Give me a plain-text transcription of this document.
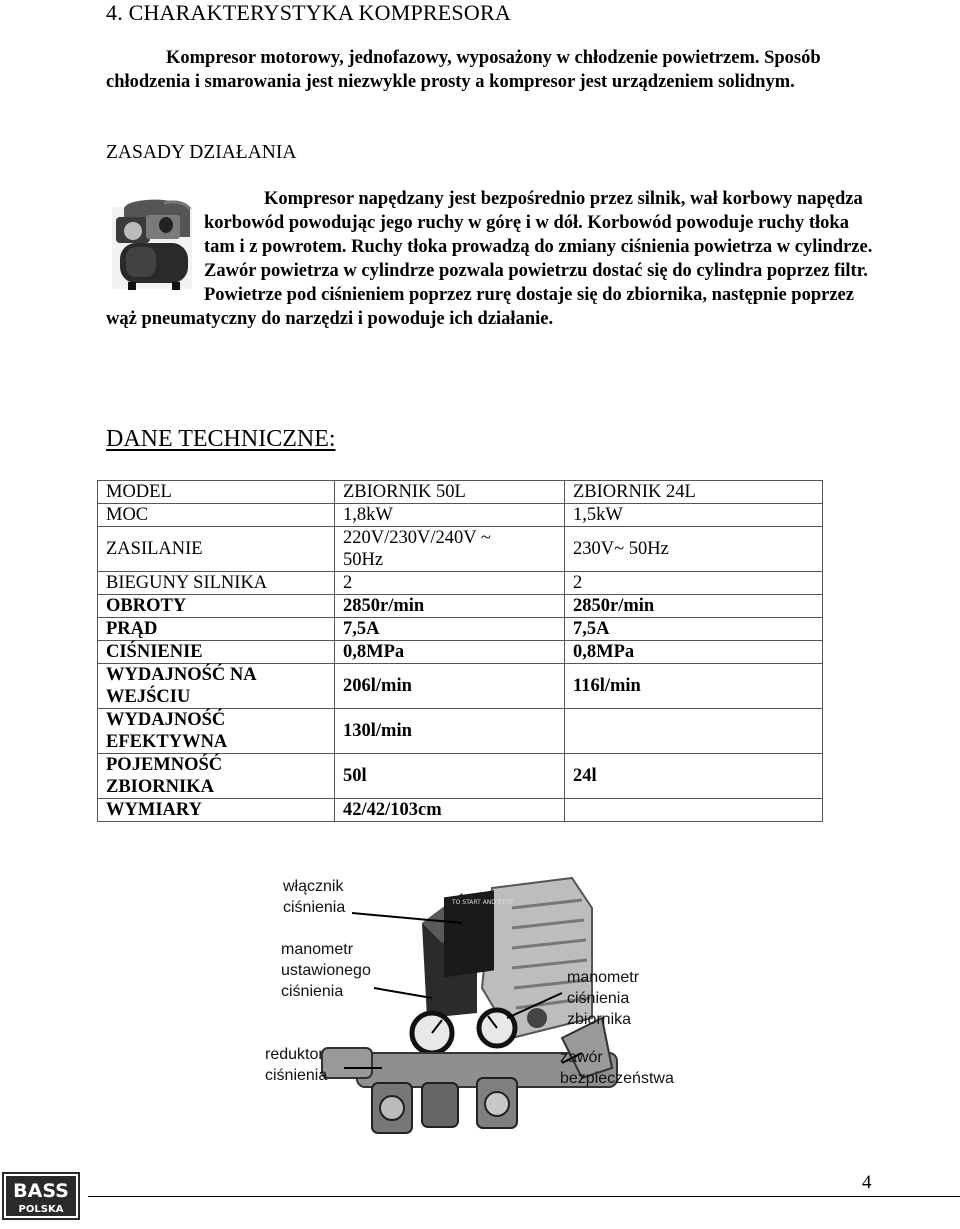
4. CHARAKTERYSTYKA KOMPRESORA
Kompresor motorowy, jednofazowy, wyposażony w chłodzenie powietrzem. Sposób chłodzenia i smarowania jest niezwykle prosty a kompresor jest urządzeniem solidnym.
ZASADY DZIAŁANIA
Kompresor napędzany jest bezpośrednio przez silnik, wał korbowy napędza korbowód powodując jego ruchy w górę i w dół. Korbowód powoduje ruchy tłoka tam i z powrotem. Ruchy tłoka prowadzą do zmiany ciśnienia powietrza w cylindrze. Zawór powietrza w cylindrze pozwala powietrzu dostać się do cylindra poprzez filtr. Powietrze pod ciśnieniem poprzez rurę dostaje się do zbiornika, następnie poprzez wąż pneumatyczny do narzędzi i powoduje ich działanie.
DANE TECHNICZNE:
MODEL	ZBIORNIK 50L	ZBIORNIK 24L
MOC	1,8kW	1,5kW
ZASILANIE	220V/230V/240V ~ 50Hz	230V~ 50Hz
BIEGUNY SILNIKA	2	2
OBROTY	2850r/min	2850r/min
PRĄD	7,5A	7,5A
CIŚNIENIE	0,8MPa	0,8MPa
WYDAJNOŚĆ NA WEJŚCIU	206l/min	116l/min
WYDAJNOŚĆ EFEKTYWNA	130l/min	
POJEMNOŚĆ ZBIORNIKA	50l	24l
WYMIARY	42/42/103cm	
TO START AND STOP
włącznik ciśnienia
manometr ustawionego ciśnienia
manometr ciśnienia zbiornika
reduktor ciśnienia
zawór bezpieczeństwa
BASS
POLSKA
4
